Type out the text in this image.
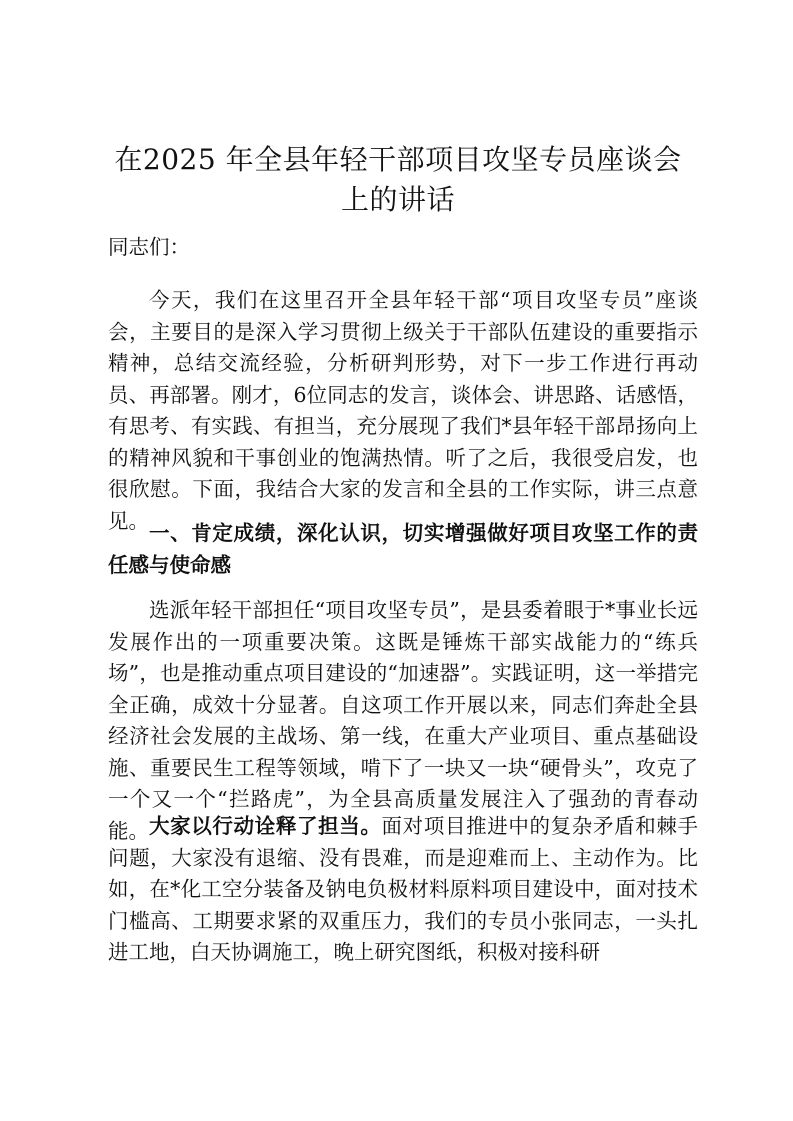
在2025 年全县年轻干部项目攻坚专员座谈会
上的讲话
同志们：
今天，我们在这里召开全县年轻干部“项目攻坚专员”座谈会，主要目的是深入学习贯彻上级关于干部队伍建设的重要指示精神，总结交流经验，分析研判形势，对下一步工作进行再动员、再部署。刚才，6位同志的发言，谈体会、讲思路、话感悟，有思考、有实践、有担当，充分展现了我们*县年轻干部昂扬向上的精神风貌和干事创业的饱满热情。听了之后，我很受启发，也很欣慰。下面，我结合大家的发言和全县的工作实际，讲三点意见。
一、肯定成绩，深化认识，切实增强做好项目攻坚工作的责任感与使命感
选派年轻干部担任“项目攻坚专员”，是县委着眼于*事业长远发展作出的一项重要决策。这既是锤炼干部实战能力的“练兵场”，也是推动重点项目建设的“加速器”。实践证明，这一举措完全正确，成效十分显著。自这项工作开展以来，同志们奔赴全县经济社会发展的主战场、第一线，在重大产业项目、重点基础设施、重要民生工程等领域，啃下了一块又一块“硬骨头”，攻克了一个又一个“拦路虎”，为全县高质量发展注入了强劲的青春动能。 大家以行动诠释了担当。面对项目推进中的复杂矛盾和棘手问题，大家没有退缩、没有畏难，而是迎难而上、主动作为。比如，在*化工空分装备及钠电负极材料原料项目建设中，面对技术门槛高、工期要求紧的双重压力，我们的专员小张同志，一头扎进工地，白天协调施工，晚上研究图纸，积极对接科研
